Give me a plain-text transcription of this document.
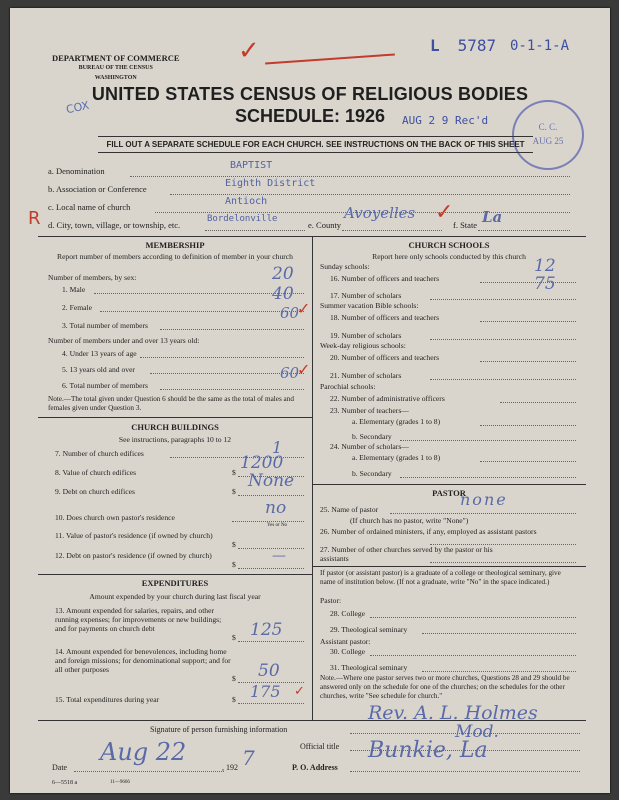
DEPARTMENT OF COMMERCE
BUREAU OF THE CENSUS
WASHINGTON
✓	L 5787 0-1-1-A
COX
UNITED STATES CENSUS OF RELIGIOUS BODIES
SCHEDULE: 1926	AUG 2 9 Rec'd	C. C.
AUG 25
FILL OUT A SEPARATE SCHEDULE FOR EACH CHURCH. SEE INSTRUCTIONS ON THE BACK OF THIS SHEET
a. Denomination	BAPTIST
b. Association or Conference	Eighth District
c. Local name of church	Antioch
R d. City, town, village, or township, etc.
Bordelonville
e. County
Avoyelles ✓ f. State La
MEMBERSHIP
Report number of members according to definition of member in your church
Number of members, by sex:
1. Male
20
2. Female
40
3. Total number of members
60
✓
Number of members under and over 13 years old:
4. Under 13 years of age
5. 13 years old and over
6. Total number of members
60
✓
Note.—The total given under Question 6 should be the same as the total of males and females given under Question 3.
CHURCH BUILDINGS
See instructions, paragraphs 10 to 12
7. Number of church edifices	1
8. Value of church edifices	$ 1200
9. Debt on church edifices	$
None
10. Does church own pastor's residence	no
Yes or No
11. Value of pastor's residence (if owned by church)
$
12. Debt on pastor's residence (if owned by church)
$
—
EXPENDITURES
Amount expended by your church during last fiscal year
13. Amount expended for salaries, repairs, and other running expenses; for improvements or new buildings; and for payments on church debt
$ 125
14. Amount expended for benevolences, including home and foreign missions; for denominational support; and for all other purposes
$ 50
15. Total expenditures during year	$ 175 ✓
CHURCH SCHOOLS
Report here only schools conducted by this church
Sunday schools:
16. Number of officers and teachers
12
17. Number of scholars
75
Summer vacation Bible schools:
18. Number of officers and teachers
19. Number of scholars
Week-day religious schools:
20. Number of officers and teachers
21. Number of scholars
Parochial schools:
22. Number of administrative officers
23. Number of teachers—
a. Elementary (grades 1 to 8)
b. Secondary
24. Number of scholars—
a. Elementary (grades 1 to 8)
b. Secondary
PASTOR
25. Name of pastor
none
(If church has no pastor, write "None")
26. Number of ordained ministers, if any, employed as assistant pastors
27. Number of other churches served by the pastor or his assistants
If pastor (or assistant pastor) is a graduate of a college or theological seminary, give name of institution below. (If not a graduate, write "No" in the space indicated.)
Pastor:
28. College
29. Theological seminary
Assistant pastor:
30. College
31. Theological seminary
Note.—Where one pastor serves two or more churches, Questions 28 and 29 should be answered only on the schedule for one of the churches; on the schedules for the other churches, write "See schedule for church."
Signature of person furnishing information
Rev. A. L. Holmes
Official title
Mod.
Date
Aug 22
, 192 7	P. O. Address
Bunkie, La
6—5518 a	11—9666
